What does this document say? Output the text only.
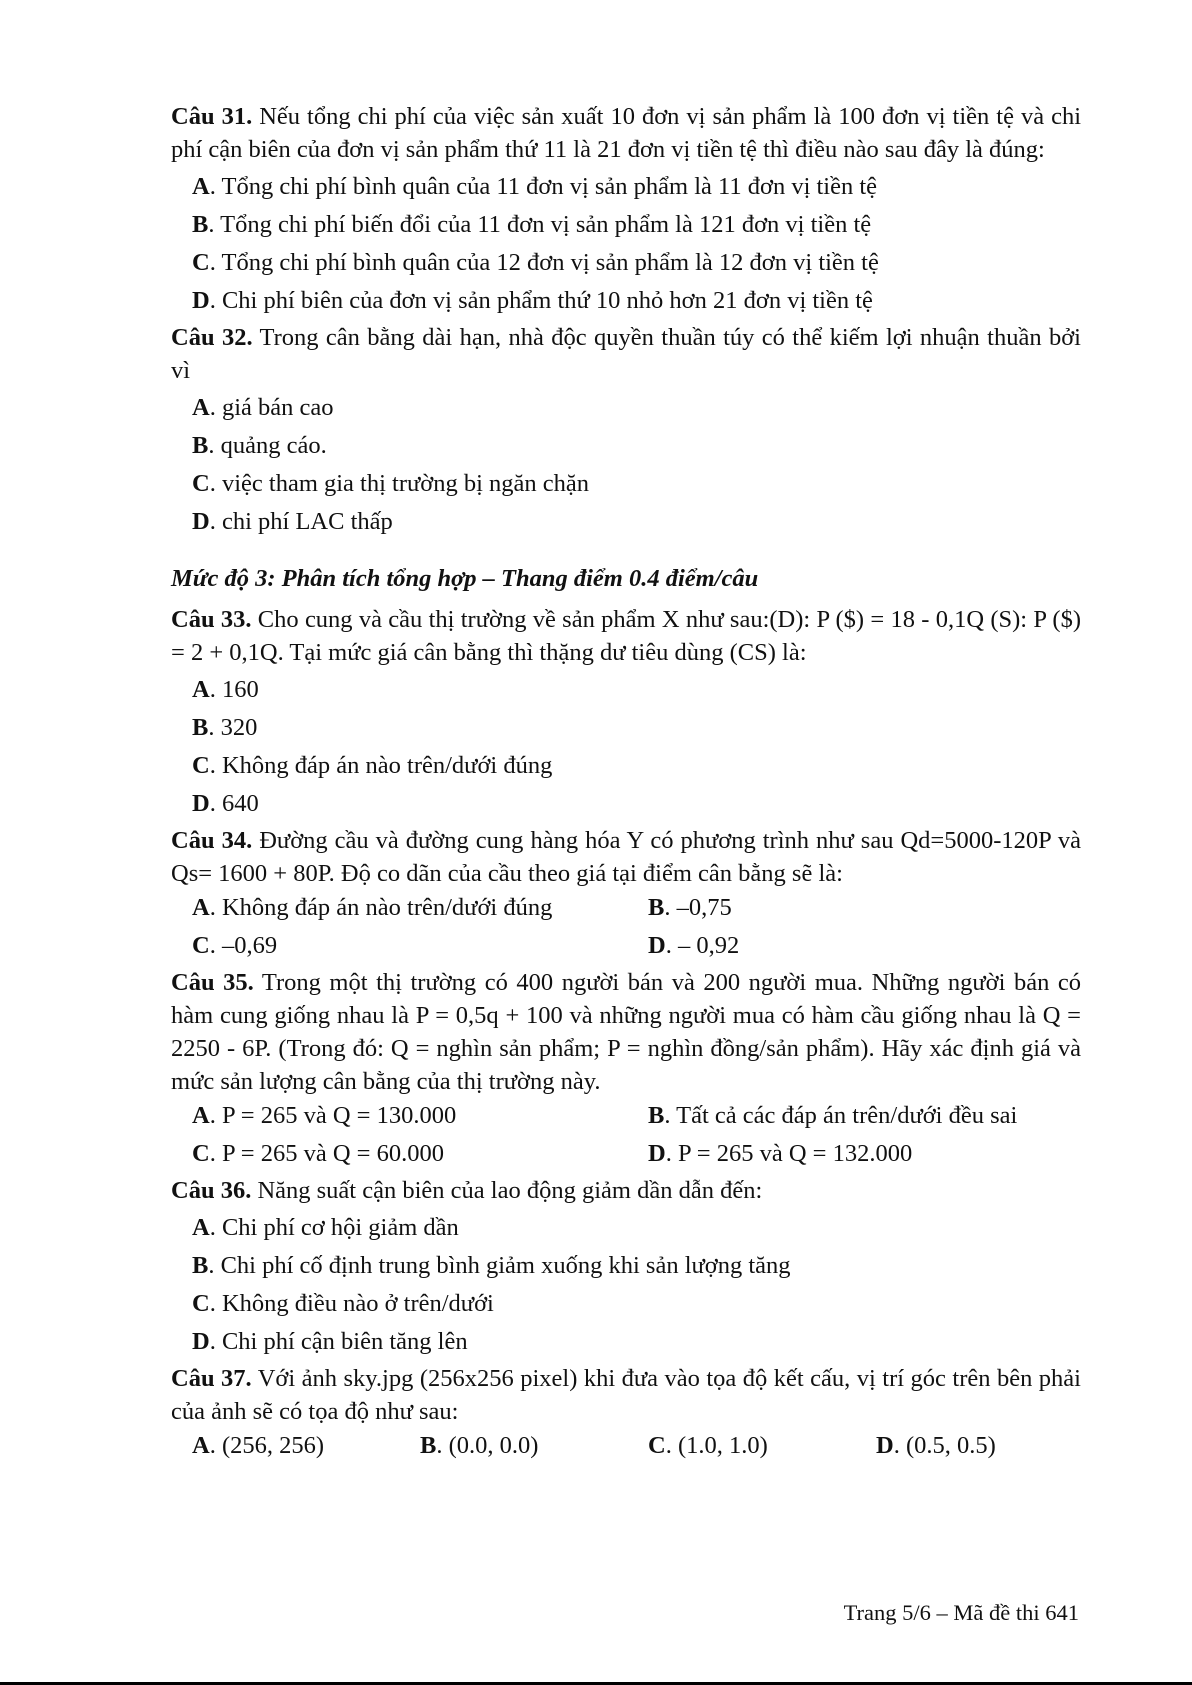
Câu 31. Nếu tổng chi phí của việc sản xuất 10 đơn vị sản phẩm là 100 đơn vị tiền tệ và chi phí cận biên của đơn vị sản phẩm thứ 11 là 21 đơn vị tiền tệ thì điều nào sau đây là đúng:

A. Tổng chi phí bình quân của 11 đơn vị sản phẩm là 11 đơn vị tiền tệ
B. Tổng chi phí biến đổi của 11 đơn vị sản phẩm là 121 đơn vị tiền tệ
C. Tổng chi phí bình quân của 12 đơn vị sản phẩm là 12 đơn vị tiền tệ
D. Chi phí biên của đơn vị sản phẩm thứ 10 nhỏ hơn 21 đơn vị tiền tệ

Câu 32. Trong cân bằng dài hạn, nhà độc quyền thuần túy có thể kiếm lợi nhuận thuần bởi vì

A. giá bán cao
B. quảng cáo.
C. việc tham gia thị trường bị ngăn chặn
D. chi phí LAC thấp
Mức độ 3: Phân tích tổng hợp – Thang điểm 0.4 điểm/câu

Câu 33. Cho cung và cầu thị trường về sản phẩm X như sau:(D): P ($) = 18 - 0,1Q (S): P ($) = 2 + 0,1Q. Tại mức giá cân bằng thì thặng dư tiêu dùng (CS) là:

A. 160
B. 320
C. Không đáp án nào trên/dưới đúng
D. 640

Câu 34. Đường cầu và đường cung hàng hóa Y có phương trình như sau Qd=5000-120P và Qs= 1600 + 80P. Độ co dãn của cầu theo giá tại điểm cân bằng sẽ là:

A. Không đáp án nào trên/dưới đúng	B. –0,75
C. –0,69	D. – 0,92

Câu 35. Trong một thị trường có 400 người bán và 200 người mua. Những người bán có hàm cung giống nhau là P = 0,5q + 100 và những người mua có hàm cầu giống nhau là Q = 2250 - 6P. (Trong đó: Q = nghìn sản phẩm; P = nghìn đồng/sản phẩm). Hãy xác định giá và mức sản lượng cân bằng của thị trường này.

A. P = 265 và Q = 130.000	B. Tất cả các đáp án trên/dưới đều sai
C. P = 265 và Q = 60.000	D. P = 265 và Q = 132.000

Câu 36. Năng suất cận biên của lao động giảm dần dẫn đến:

A. Chi phí cơ hội giảm dần
B. Chi phí cố định trung bình giảm xuống khi sản lượng tăng
C. Không điều nào ở trên/dưới
D. Chi phí cận biên tăng lên

Câu 37. Với ảnh sky.jpg (256x256 pixel) khi đưa vào tọa độ kết cấu, vị trí góc trên bên phải của ảnh sẽ có tọa độ như sau:

A. (256, 256)	B. (0.0, 0.0)	C. (1.0, 1.0)	D. (0.5, 0.5)
Trang 5/6 – Mã đề thi 641
